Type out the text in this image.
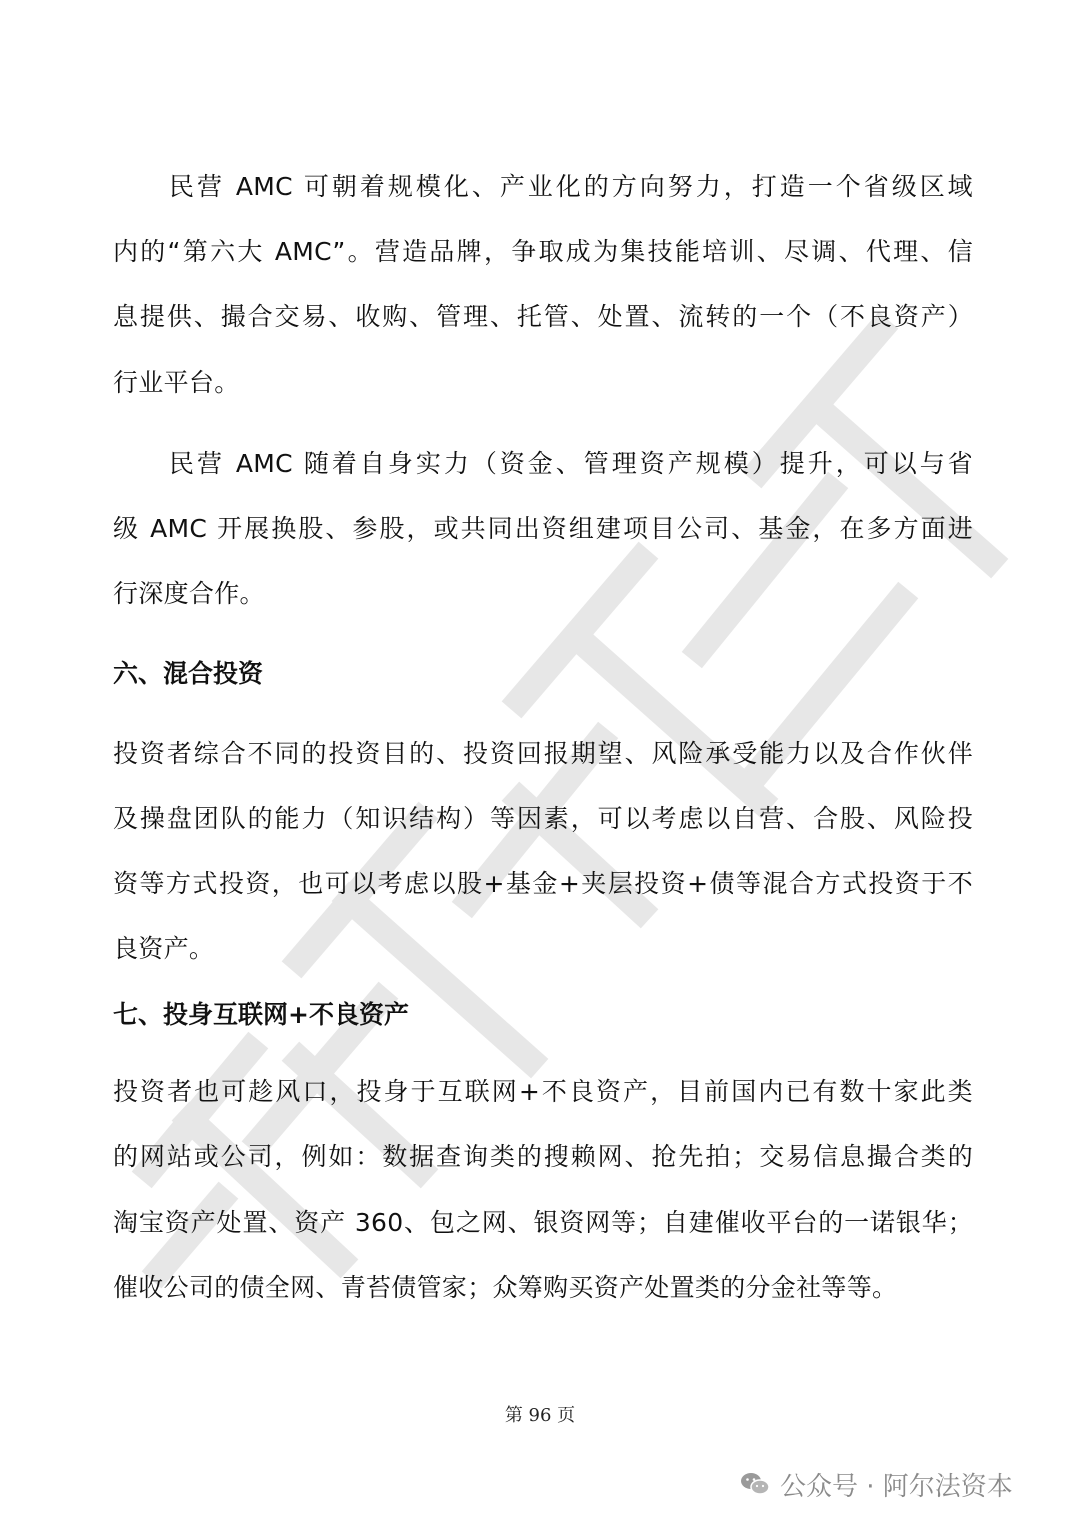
　　民营 AMC 可朝着规模化、产业化的方向努力，打造一个省级区域
内的“第六大 AMC”。营造品牌，争取成为集技能培训、尽调、代理、信
息提供、撮合交易、收购、管理、托管、处置、流转的一个（不良资产）
行业平台。
　　民营 AMC 随着自身实力（资金、管理资产规模）提升，可以与省
级 AMC 开展换股、参股，或共同出资组建项目公司、基金，在多方面进
行深度合作。
六、混合投资
投资者综合不同的投资目的、投资回报期望、风险承受能力以及合作伙伴
及操盘团队的能力（知识结构）等因素，可以考虑以自营、合股、风险投
资等方式投资，也可以考虑以股+基金+夹层投资+债等混合方式投资于不
良资产。
七、投身互联网+不良资产
投资者也可趁风口，投身于互联网+不良资产，目前国内已有数十家此类
的网站或公司，例如：数据查询类的搜赖网、抢先拍；交易信息撮合类的
淘宝资产处置、资产 360、包之网、银资网等；自建催收平台的一诺银华；
催收公司的债全网、青苔债管家；众筹购买资产处置类的分金社等等。
第 96 页
公众号 · 阿尔法资本
